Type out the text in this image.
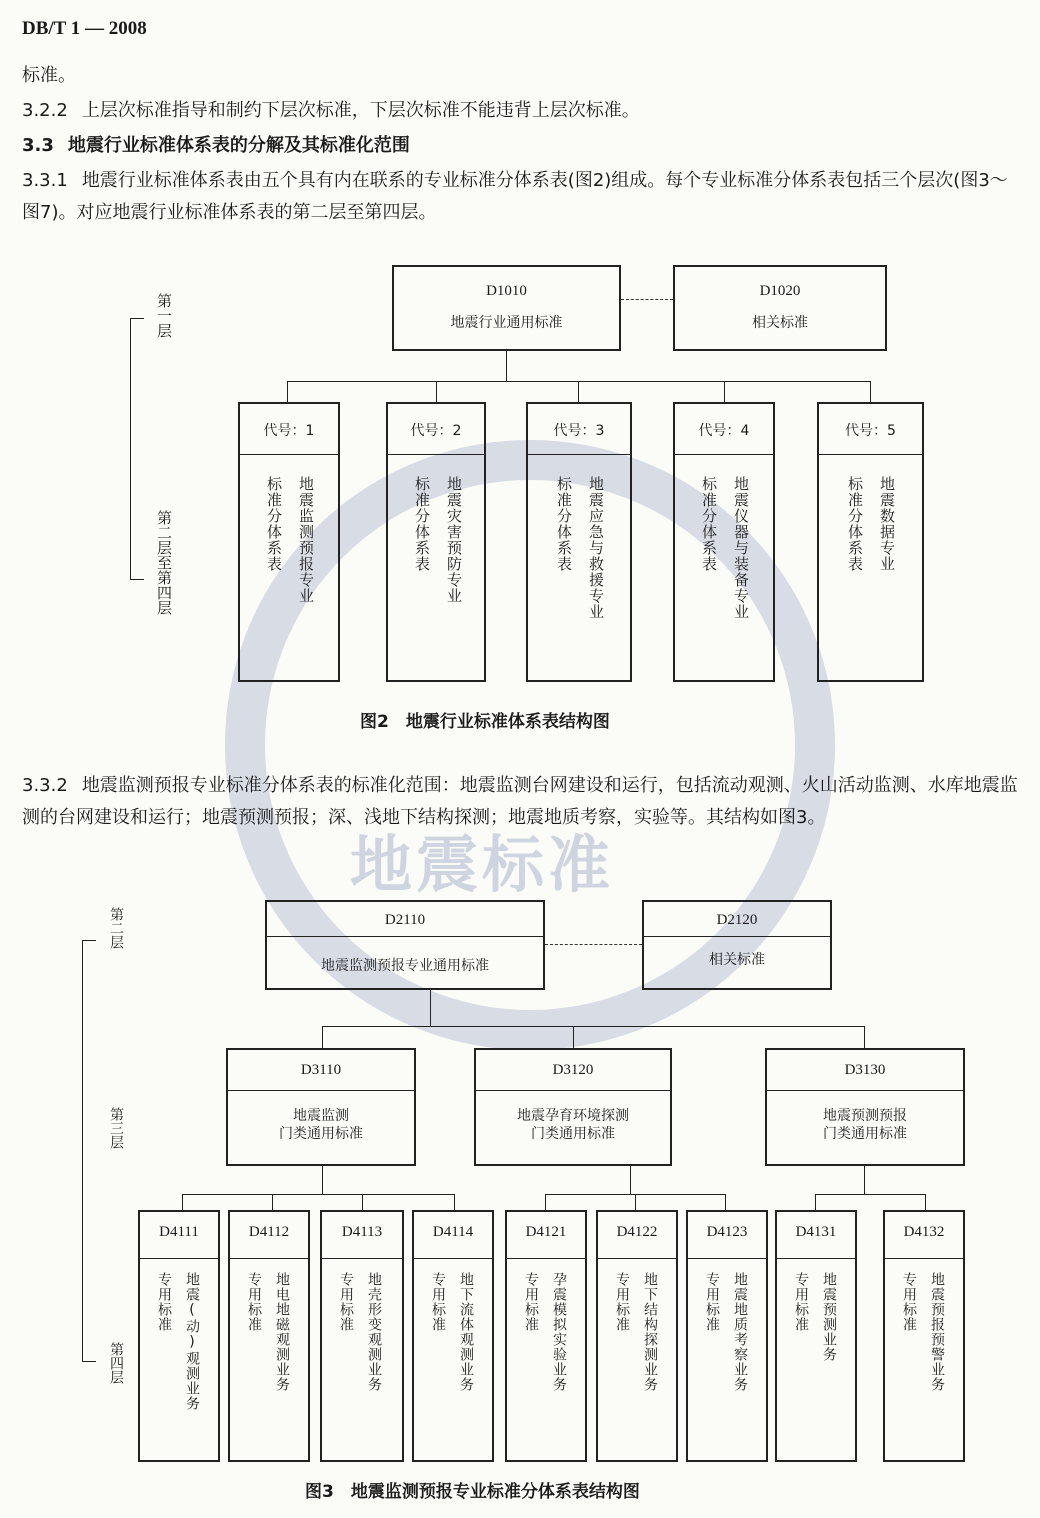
地震标准
DB/T 1 — 2008
标准。
3.2.2 上层次标准指导和制约下层次标准，下层次标准不能违背上层次标准。
3.3 地震行业标准体系表的分解及其标准化范围
3.3.1 地震行业标准体系表由五个具有内在联系的专业标准分体系表(图2)组成。每个专业标准分体系表包括三个层次(图3～图7)。对应地震行业标准体系表的第二层至第四层。
第一层
第二层至第四层
D1010
地震行业通用标准
D1020
相关标准
代号：1
标准分体系表 地震监测预报专业
代号：2
标准分体系表 地震灾害预防专业
代号：3
标准分体系表 地震应急与救援专业
代号：4
标准分体系表 地震仪器与装备专业
代号：5
标准分体系表 地震数据专业
图2　地震行业标准体系表结构图
3.3.2 地震监测预报专业标准分体系表的标准化范围：地震监测台网建设和运行，包括流动观测、火山活动监测、水库地震监测的台网建设和运行；地震预测预报；深、浅地下结构探测；地震地质考察，实验等。其结构如图3。
第二层
第三层
第四层
D2110
地震监测预报专业通用标准
D2120
相关标准
D3110
地震监测
门类通用标准
D3120
地震孕育环境探测
门类通用标准
D3130
地震预测预报
门类通用标准
D4111
专用标准 地震(动)观测业务
D4112
专用标准 地电地磁观测业务
D4113
专用标准 地壳形变观测业务
D4114
专用标准 地下流体观测业务
D4121
专用标准 孕震模拟实验业务
D4122
专用标准 地下结构探测业务
D4123
专用标准 地震地质考察业务
D4131
专用标准 地震预测业务
D4132
专用标准 地震预报预警业务
图3　地震监测预报专业标准分体系表结构图
